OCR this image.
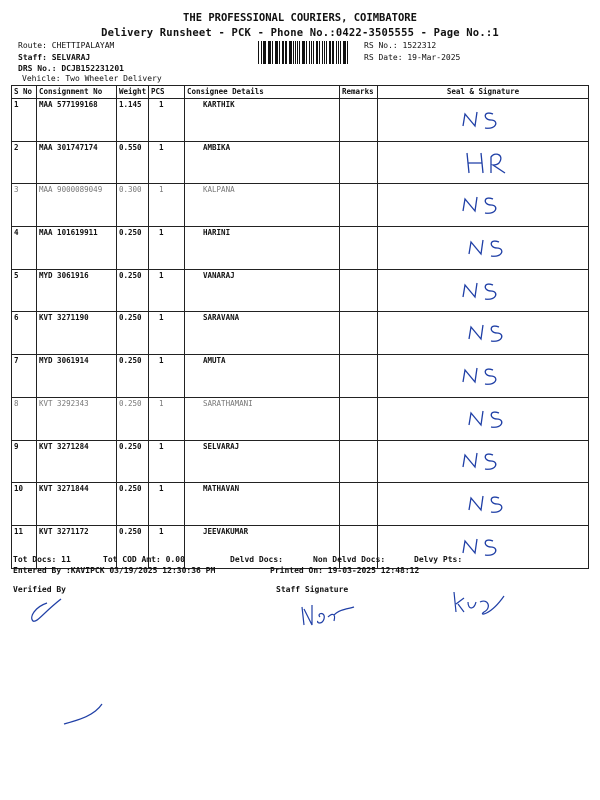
THE PROFESSIONAL COURIERS, COIMBATORE
Delivery Runsheet - PCK - Phone No.:0422-3505555 - Page No.:1
Route: CHETTIPALAYAM
Staff: SELVARAJ
DRS No.: DCJB152231201
Vehicle: Two Wheeler Delivery
RS No.: 1522312
RS Date: 19-Mar-2025
S No	Consignment No	Weight	PCS	Consignee Details	Remarks	Seal & Signature
1	MAA 577199168	1.145	1	KARTHIK		
2	MAA 301747174	0.550	1	AMBIKA		
3	MAA 9000089049	0.300	1	KALPANA		
4	MAA 101619911	0.250	1	HARINI		
5	MYD 3061916	0.250	1	VANARAJ		
6	KVT 3271190	0.250	1	SARAVANA		
7	MYD 3061914	0.250	1	AMUTA		
8	KVT 3292343	0.250	1	SARATHAMANI		
9	KVT 3271284	0.250	1	SELVARAJ		
10	KVT 3271844	0.250	1	MATHAVAN		
11	KVT 3271172	0.250	1	JEEVAKUMAR		
Tot Docs: 11	Tot COD Amt: 0.00	Delvd Docs:	Non Delvd Docs:	Delvy Pts:
Entered By :KAVIPCK 03/19/2025 12:30:36 PM	Printed On: 19-03-2025 12:48:12
Verified By	Staff Signature
